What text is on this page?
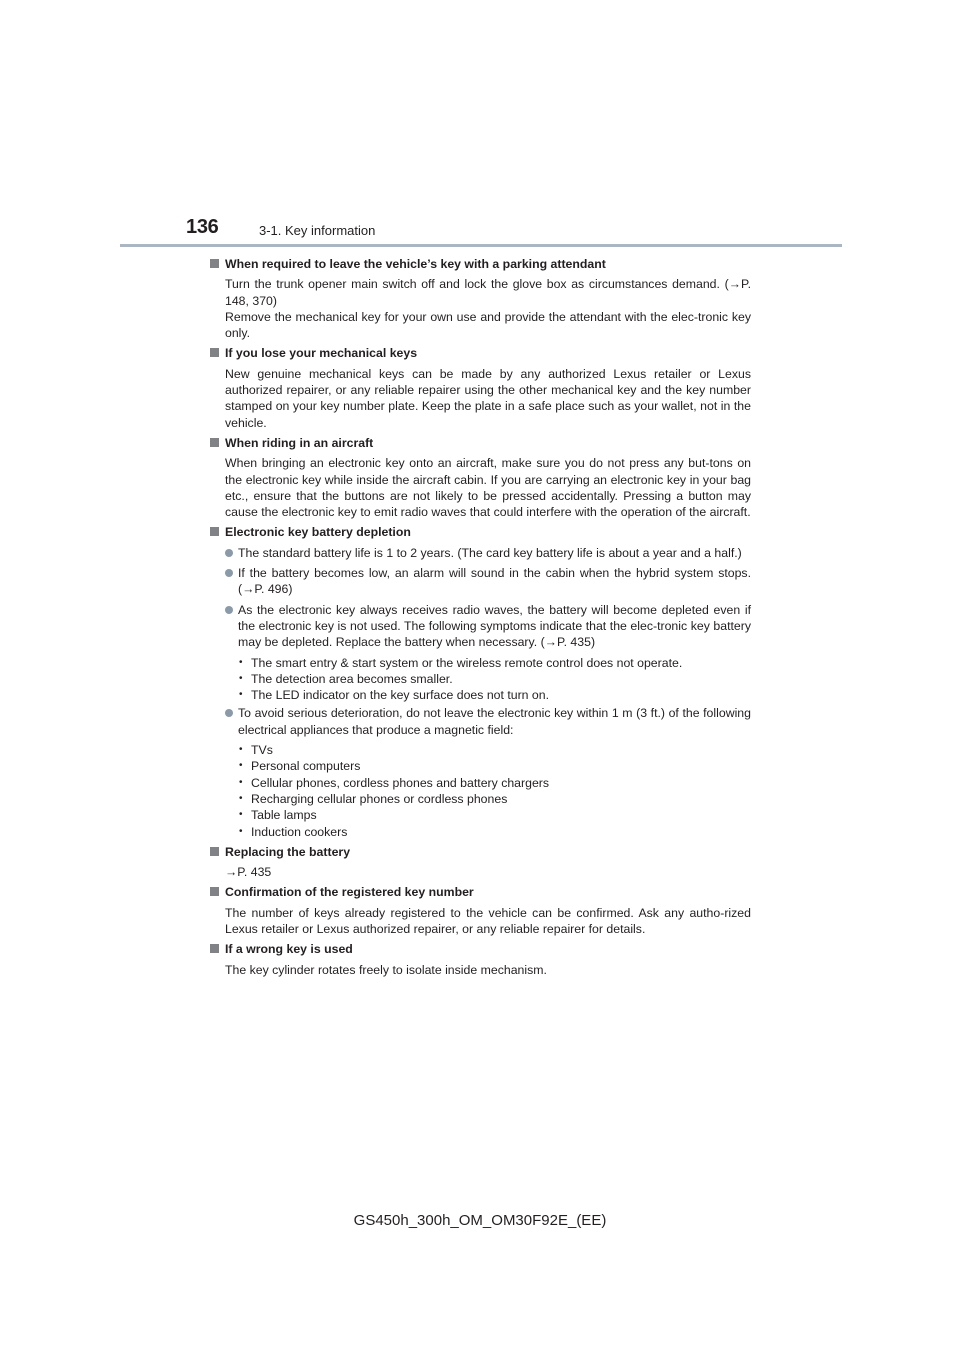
136	3-1. Key information
When required to leave the vehicle’s key with a parking attendant

Turn the trunk opener main switch off and lock the glove box as circumstances demand. (→P. 148, 370)

Remove the mechanical key for your own use and provide the attendant with the elec-tronic key only.

If you lose your mechanical keys

New genuine mechanical keys can be made by any authorized Lexus retailer or Lexus authorized repairer, or any reliable repairer using the other mechanical key and the key number stamped on your key number plate. Keep the plate in a safe place such as your wallet, not in the vehicle.

When riding in an aircraft

When bringing an electronic key onto an aircraft, make sure you do not press any but-tons on the electronic key while inside the aircraft cabin. If you are carrying an electronic key in your bag etc., ensure that the buttons are not likely to be pressed accidentally. Pressing a button may cause the electronic key to emit radio waves that could interfere with the operation of the aircraft.

Electronic key battery depletion
The standard battery life is 1 to 2 years. (The card key battery life is about a year and a half.)
If the battery becomes low, an alarm will sound in the cabin when the hybrid system stops. (→P. 496)
As the electronic key always receives radio waves, the battery will become depleted even if the electronic key is not used. The following symptoms indicate that the elec-tronic key battery may be depleted. Replace the battery when necessary. (→P. 435)
• The smart entry & start system or the wireless remote control does not operate.
• The detection area becomes smaller.
• The LED indicator on the key surface does not turn on.
To avoid serious deterioration, do not leave the electronic key within 1 m (3 ft.) of the following electrical appliances that produce a magnetic field:
• TVs
• Personal computers
• Cellular phones, cordless phones and battery chargers
• Recharging cellular phones or cordless phones
• Table lamps
• Induction cookers
Replacing the battery

→P. 435

Confirmation of the registered key number

The number of keys already registered to the vehicle can be confirmed. Ask any autho-rized Lexus retailer or Lexus authorized repairer, or any reliable repairer for details.

If a wrong key is used

The key cylinder rotates freely to isolate inside mechanism.

GS450h_300h_OM_OM30F92E_(EE)
